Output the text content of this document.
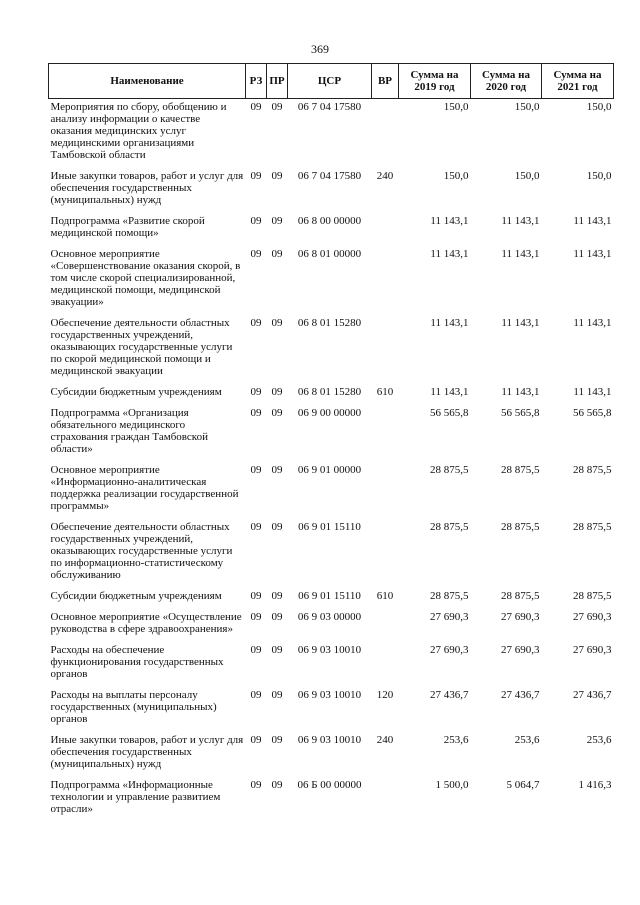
369
Наименование	РЗ	ПР	ЦСР	ВР	Сумма на 2019 год	Сумма на 2020 год	Сумма на 2021 год
Мероприятия по сбору, обобщению и анализу информации о качестве оказания медицинских услуг медицинскими организациями Тамбовской области	09	09	06 7 04 17580		150,0	150,0	150,0
Иные закупки товаров, работ и услуг для обеспечения государственных (муниципальных) нужд	09	09	06 7 04 17580	240	150,0	150,0	150,0
Подпрограмма «Развитие скорой медицинской помощи»	09	09	06 8 00 00000		11 143,1	11 143,1	11 143,1
Основное мероприятие «Совершенствование оказания скорой, в том числе скорой специализированной, медицинской помощи, медицинской эвакуации»	09	09	06 8 01 00000		11 143,1	11 143,1	11 143,1
Обеспечение деятельности областных государственных учреждений, оказывающих государственные услуги по скорой медицинской помощи и медицинской эвакуации	09	09	06 8 01 15280		11 143,1	11 143,1	11 143,1
Субсидии бюджетным учреждениям	09	09	06 8 01 15280	610	11 143,1	11 143,1	11 143,1
Подпрограмма «Организация обязательного медицинского страхования граждан Тамбовской области»	09	09	06 9 00 00000		56 565,8	56 565,8	56 565,8
Основное мероприятие «Информационно-аналитическая поддержка реализации государственной программы»	09	09	06 9 01 00000		28 875,5	28 875,5	28 875,5
Обеспечение деятельности областных государственных учреждений, оказывающих государственные услуги по информационно-статистическому обслуживанию	09	09	06 9 01 15110		28 875,5	28 875,5	28 875,5
Субсидии бюджетным учреждениям	09	09	06 9 01 15110	610	28 875,5	28 875,5	28 875,5
Основное мероприятие «Осуществление руководства в сфере здравоохранения»	09	09	06 9 03 00000		27 690,3	27 690,3	27 690,3
Расходы на обеспечение функционирования государственных органов	09	09	06 9 03 10010		27 690,3	27 690,3	27 690,3
Расходы на выплаты персоналу государственных (муниципальных) органов	09	09	06 9 03 10010	120	27 436,7	27 436,7	27 436,7
Иные закупки товаров, работ и услуг для обеспечения государственных (муниципальных) нужд	09	09	06 9 03 10010	240	253,6	253,6	253,6
Подпрограмма «Информационные технологии и управление развитием отрасли»	09	09	06 Б 00 00000		1 500,0	5 064,7	1 416,3
